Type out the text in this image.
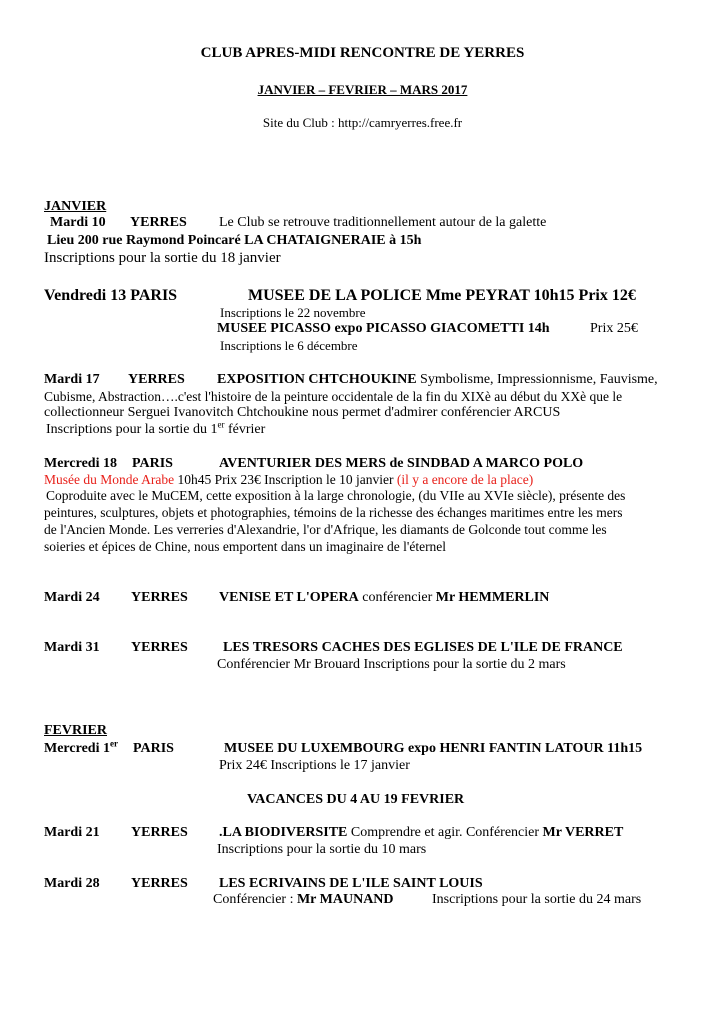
CLUB APRES-MIDI RENCONTRE DE YERRES
JANVIER – FEVRIER – MARS 2017
Site du Club : http://camryerres.free.fr
JANVIER
Mardi 10 YERRES Le Club se retrouve traditionnellement autour de la galette
Lieu 200 rue Raymond Poincaré LA CHATAIGNERAIE à 15h
Inscriptions pour la sortie du 18 janvier
Vendredi 13 PARIS	MUSEE DE LA POLICE Mme PEYRAT 10h15 Prix 12€
Inscriptions le 22 novembre
MUSEE PICASSO expo PICASSO GIACOMETTI 14h	Prix 25€
Inscriptions le 6 décembre
Mardi 17 YERRES EXPOSITION CHTCHOUKINE Symbolisme, Impressionnisme, Fauvisme,
Cubisme, Abstraction….c'est l'histoire de la peinture occidentale de la fin du XIXè au début du XXè que le
collectionneur Serguei Ivanovitch Chtchoukine nous permet d'admirer conférencier ARCUS
Inscriptions pour la sortie du 1er février
Mercredi 18 PARIS	AVENTURIER DES MERS de SINDBAD A MARCO POLO
Musée du Monde Arabe 10h45 Prix 23€ Inscription le 10 janvier (il y a encore de la place)
Coproduite avec le MuCEM, cette exposition à la large chronologie, (du VIIe au XVIe siècle), présente des
peintures, sculptures, objets et photographies, témoins de la richesse des échanges maritimes entre les mers
de l'Ancien Monde. Les verreries d'Alexandrie, l'or d'Afrique, les diamants de Golconde tout comme les
soieries et épices de Chine, nous emportent dans un imaginaire de l'éternel
Mardi 24 YERRES VENISE ET L'OPERA conférencier Mr HEMMERLIN
Mardi 31 YERRES	LES TRESORS CACHES DES EGLISES DE L'ILE DE FRANCE
Conférencier Mr Brouard Inscriptions pour la sortie du 2 mars
FEVRIER
Mercredi 1er PARIS	MUSEE DU LUXEMBOURG expo HENRI FANTIN LATOUR 11h15
Prix 24€ Inscriptions le 17 janvier
VACANCES DU 4 AU 19 FEVRIER
Mardi 21 YERRES .LA BIODIVERSITE Comprendre et agir. Conférencier Mr VERRET
Inscriptions pour la sortie du 10 mars
Mardi 28 YERRES LES ECRIVAINS DE L'ILE SAINT LOUIS
Conférencier : Mr MAUNAND	Inscriptions pour la sortie du 24 mars
